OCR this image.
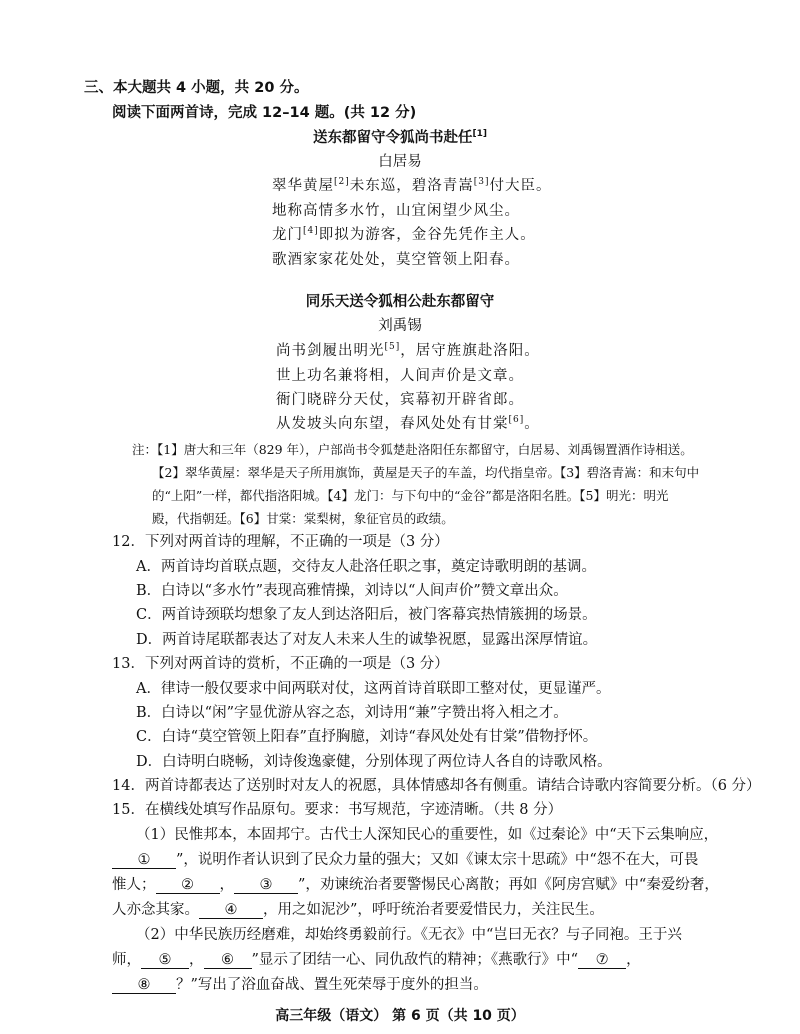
三、本大题共 4 小题，共 20 分。
阅读下面两首诗，完成 12–14 题。(共 12 分)
送东都留守令狐尚书赴任[1]
白居易
翠华黄屋[2]未东巡，碧洛青嵩[3]付大臣。
地称高情多水竹，山宜闲望少风尘。
龙门[4]即拟为游客，金谷先凭作主人。
歌酒家家花处处，莫空管领上阳春。
同乐天送令狐相公赴东都留守
刘禹锡
尚书剑履出明光[5]，居守旌旗赴洛阳。
世上功名兼将相，人间声价是文章。
衙门晓辟分天仗，宾幕初开辟省郎。
从发坡头向东望，春风处处有甘棠[6]。
注：【1】唐大和三年（829 年），户部尚书令狐楚赴洛阳任东都留守，白居易、刘禹锡置酒作诗相送。
【2】翠华黄屋：翠华是天子所用旗饰，黄屋是天子的车盖，均代指皇帝。【3】碧洛青嵩：和末句中
的“上阳”一样，都代指洛阳城。【4】龙门：与下句中的“金谷”都是洛阳名胜。【5】明光：明光
殿，代指朝廷。【6】甘棠：棠梨树，象征官员的政绩。
12．下列对两首诗的理解，不正确的一项是（3 分）
A．两首诗均首联点题，交待友人赴洛任职之事，奠定诗歌明朗的基调。
B．白诗以“多水竹”表现高雅情操，刘诗以“人间声价”赞文章出众。
C．两首诗颈联均想象了友人到达洛阳后，被门客幕宾热情簇拥的场景。
D．两首诗尾联都表达了对友人未来人生的诚挚祝愿，显露出深厚情谊。
13．下列对两首诗的赏析，不正确的一项是（3 分）
A．律诗一般仅要求中间两联对仗，这两首诗首联即工整对仗，更显谨严。
B．白诗以“闲”字显优游从容之态，刘诗用“兼”字赞出将入相之才。
C．白诗“莫空管领上阳春”直抒胸臆，刘诗“春风处处有甘棠”借物抒怀。
D．白诗明白晓畅，刘诗俊逸豪健，分别体现了两位诗人各自的诗歌风格。
14．两首诗都表达了送别时对友人的祝愿，具体情感却各有侧重。请结合诗歌内容简要分析。（6 分）
15．在横线处填写作品原句。要求：书写规范，字迹清晰。（共 8 分）
（1）民惟邦本，本固邦宁。古代士人深知民心的重要性，如《过秦论》中“天下云集响应，
① ”，说明作者认识到了民众力量的强大；又如《谏太宗十思疏》中“怨不在大，可畏
惟人； ② ， ③ ”，劝谏统治者要警惕民心离散；再如《阿房宫赋》中“秦爱纷奢，
人亦念其家。 ④ ，用之如泥沙”，呼吁统治者要爱惜民力，关注民生。
（2）中华民族历经磨难，却始终勇毅前行。《无衣》中“岂曰无衣？与子同袍。王于兴
师， ⑤ ， ⑥ ”显示了团结一心、同仇敌忾的精神；《燕歌行》中“ ⑦ ，
⑧ ？”写出了浴血奋战、置生死荣辱于度外的担当。
高三年级（语文） 第 6 页（共 10 页）
